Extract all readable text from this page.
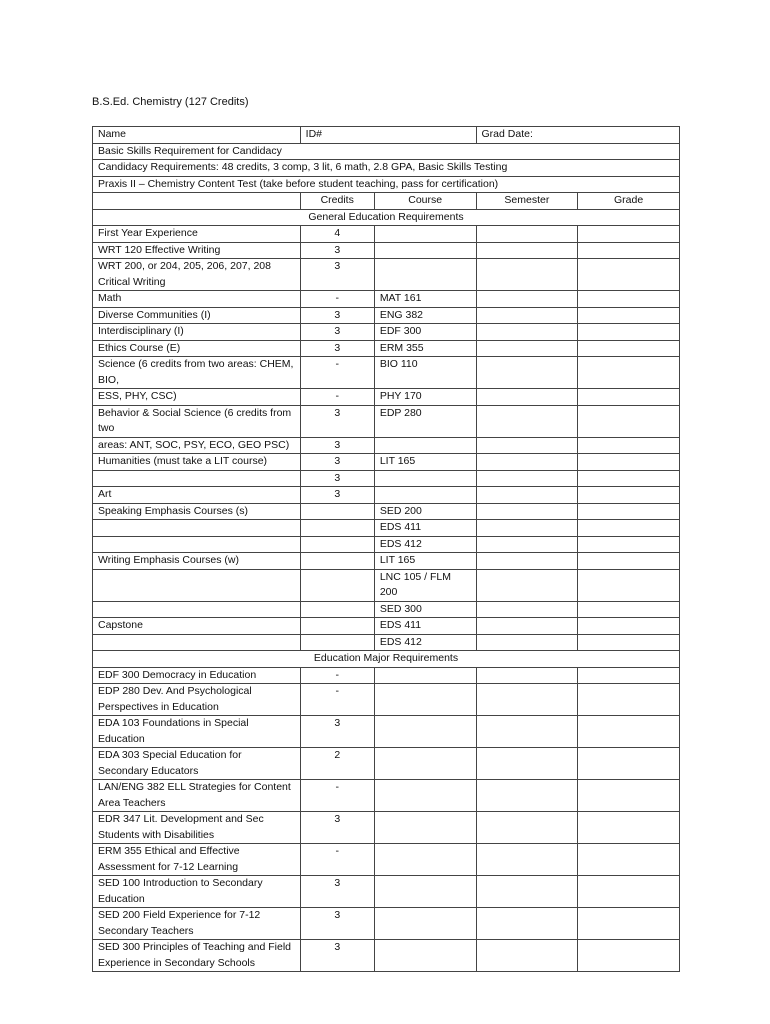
B.S.Ed. Chemistry (127 Credits)
Name	ID#		Grad Date:	
Basic Skills Requirement for Candidacy				
Candidacy Requirements: 48 credits, 3 comp, 3 lit, 6 math, 2.8 GPA, Basic Skills Testing				
Praxis II – Chemistry Content Test (take before student teaching, pass for certification)				
	Credits	Course	Semester	Grade
General Education Requirements				
First Year Experience	4			
WRT 120 Effective Writing	3			
WRT 200, or 204, 205, 206, 207, 208 Critical Writing	3			
Math	-	MAT 161		
Diverse Communities (I)	3	ENG 382		
Interdisciplinary (I)	3	EDF 300		
Ethics Course (E)	3	ERM 355		
Science (6 credits from two areas: CHEM, BIO,	-	BIO 110		
ESS, PHY, CSC)	-	PHY 170		
Behavior & Social Science (6 credits from two	3	EDP 280		
areas: ANT, SOC, PSY, ECO, GEO PSC)	3			
Humanities (must take a LIT course)	3	LIT 165		
	3			
Art	3			
Speaking Emphasis Courses (s)		SED 200		
		EDS 411		
		EDS 412		
Writing Emphasis Courses (w)		LIT 165		
		LNC 105 / FLM 200		
		SED 300		
Capstone		EDS 411		
		EDS 412		
Education Major Requirements				
EDF 300 Democracy in Education	-			
EDP 280 Dev. And Psychological Perspectives in Education	-			
EDA 103 Foundations in Special Education	3			
EDA 303 Special Education for Secondary Educators	2			
LAN/ENG 382 ELL Strategies for Content Area Teachers	-			
EDR 347 Lit. Development and Sec Students with Disabilities	3			
ERM 355 Ethical and Effective Assessment for 7-12 Learning	-			
SED 100 Introduction to Secondary Education	3			
SED 200 Field Experience for 7-12 Secondary Teachers	3			
SED 300 Principles of Teaching and Field Experience in Secondary Schools	3			
